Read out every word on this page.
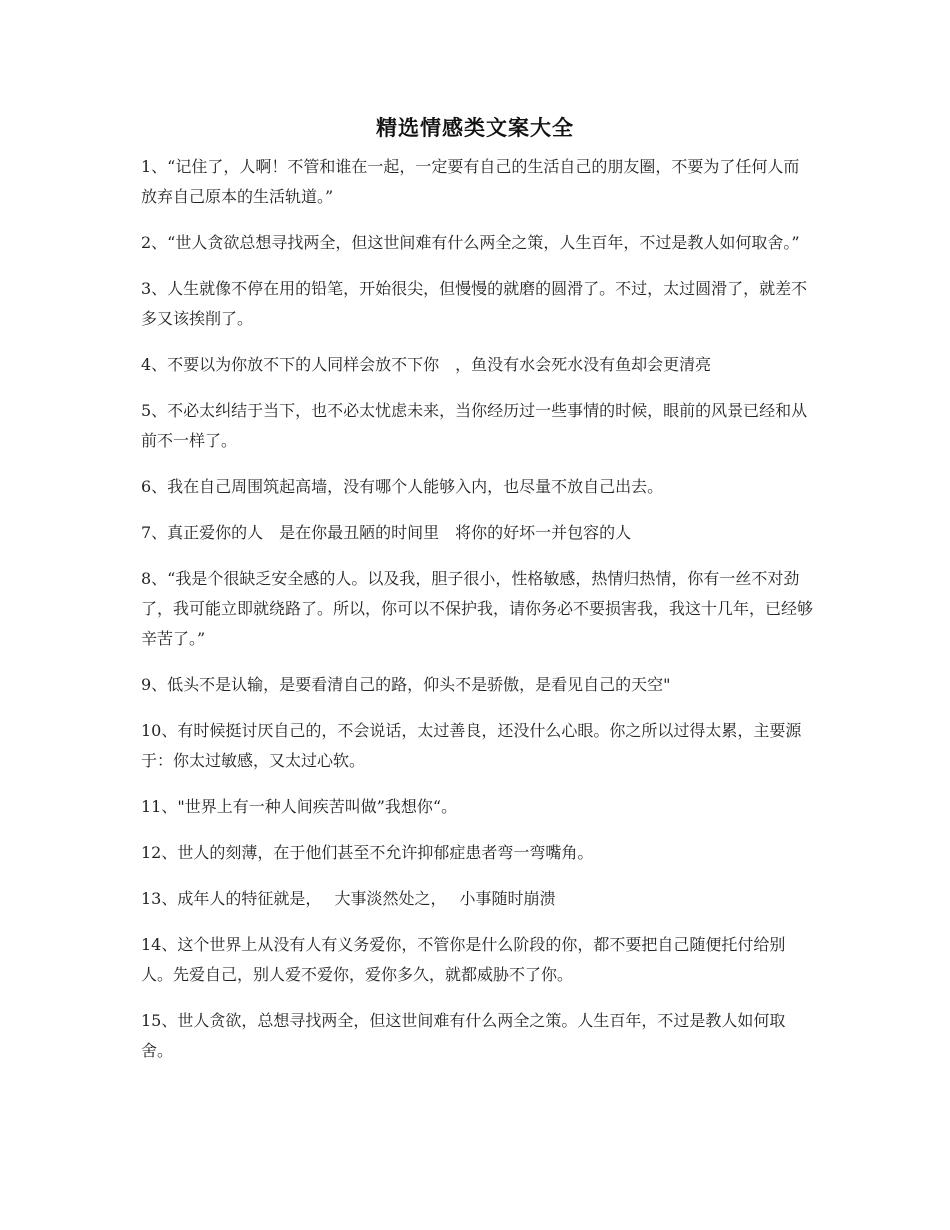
精选情感类文案大全

1、“记住了，人啊！不管和谁在一起，一定要有自己的生活自己的朋友圈，不要为了任何人而放弃自己原本的生活轨道。”

2、“世人贪欲总想寻找两全，但这世间难有什么两全之策，人生百年，不过是教人如何取舍。”

3、人生就像不停在用的铅笔，开始很尖，但慢慢的就磨的圆滑了。不过，太过圆滑了，就差不多又该挨削了。

4、不要以为你放不下的人同样会放不下你　，鱼没有水会死水没有鱼却会更清亮

5、不必太纠结于当下，也不必太忧虑未来，当你经历过一些事情的时候，眼前的风景已经和从前不一样了。

6、我在自己周围筑起高墙，没有哪个人能够入内，也尽量不放自己出去。

7、真正爱你的人　是在你最丑陋的时间里　将你的好坏一并包容的人

8、“我是个很缺乏安全感的人。以及我，胆子很小，性格敏感，热情归热情，你有一丝不对劲了，我可能立即就绕路了。所以，你可以不保护我，请你务必不要损害我，我这十几年，已经够辛苦了。”

9、低头不是认输，是要看清自己的路，仰头不是骄傲，是看见自己的天空"

10、有时候挺讨厌自己的，不会说话，太过善良，还没什么心眼。你之所以过得太累，主要源于：你太过敏感，又太过心软。

11、"世界上有一种人间疾苦叫做”我想你“。

12、世人的刻薄，在于他们甚至不允许抑郁症患者弯一弯嘴角。

13、成年人的特征就是，　 大事淡然处之，　 小事随时崩溃

14、这个世界上从没有人有义务爱你，不管你是什么阶段的你，都不要把自己随便托付给别人。先爱自己，别人爱不爱你，爱你多久，就都威胁不了你。

15、世人贪欲，总想寻找两全，但这世间难有什么两全之策。人生百年，不过是教人如何取舍。
